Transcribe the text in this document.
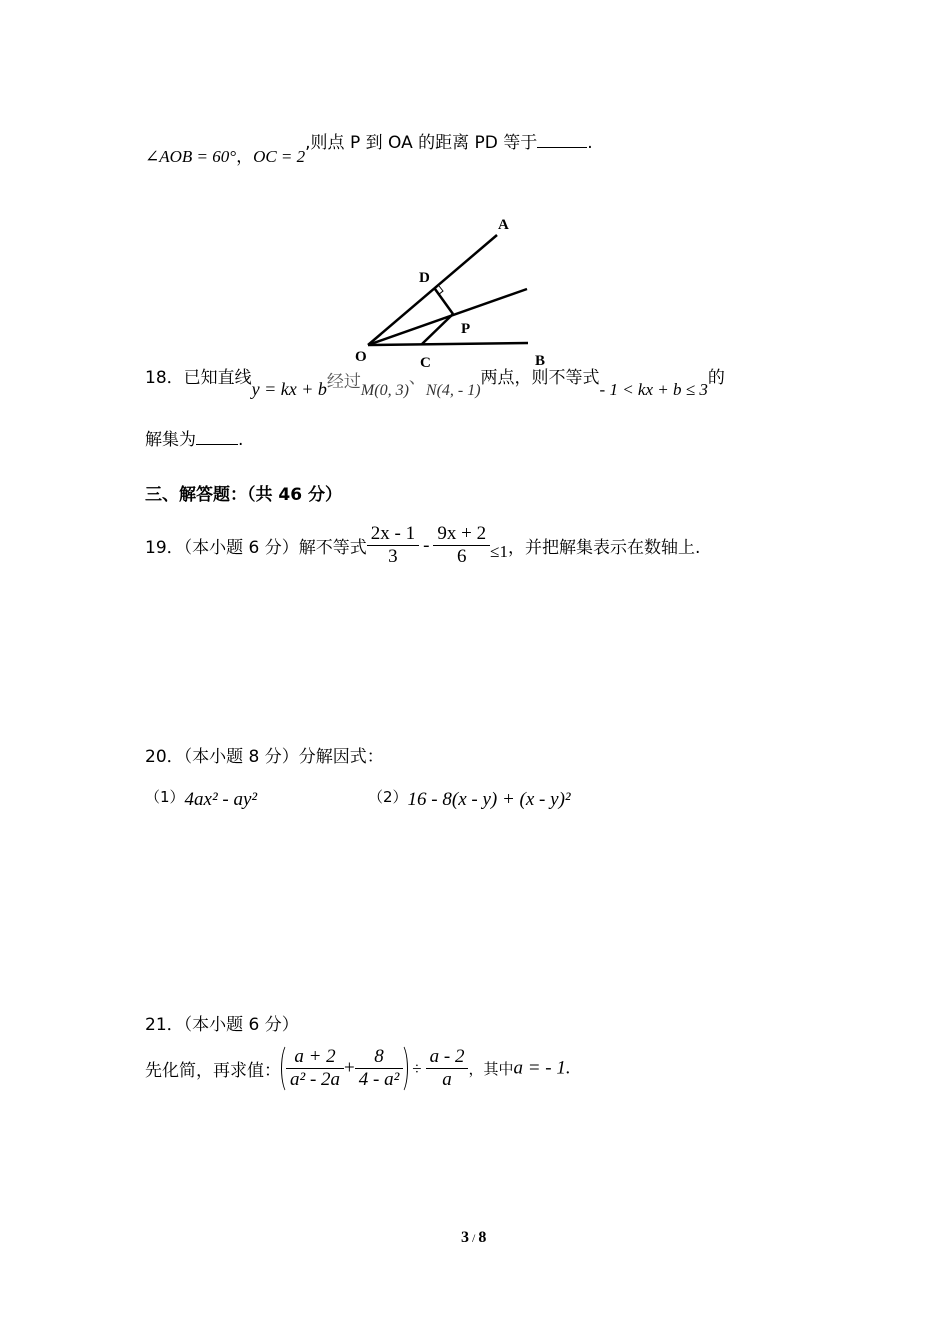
∠AOB = 60°，OC = 2,则点 P 到 OA 的距离 PD 等于	.
A
D
P
O	C	B
18．已知直线y = kx + b经过M(0, 3)、N(4, - 1)两点，则不等式- 1 < kx + b ≤ 3的
解集为 .
三、解答题：（共 46 分）
19．（本小题 6 分）解不等式 $\frac{2x - 1}{3} - \frac{9x + 2}{6} \le 1$，并把解集表示在数轴上.
20．（本小题 8 分）分解因式：
（1）4ax² - ay²	（2）16 - 8(x - y) + (x - y)²
21．（本小题 6 分）
先化简，再求值： $\frac{a + 2}{\text{a² - 2a}} + \frac{8}{\text{4 - a²}} \div \frac{a - 2}{a}$ ，其中a = - 1.
3 / 8
